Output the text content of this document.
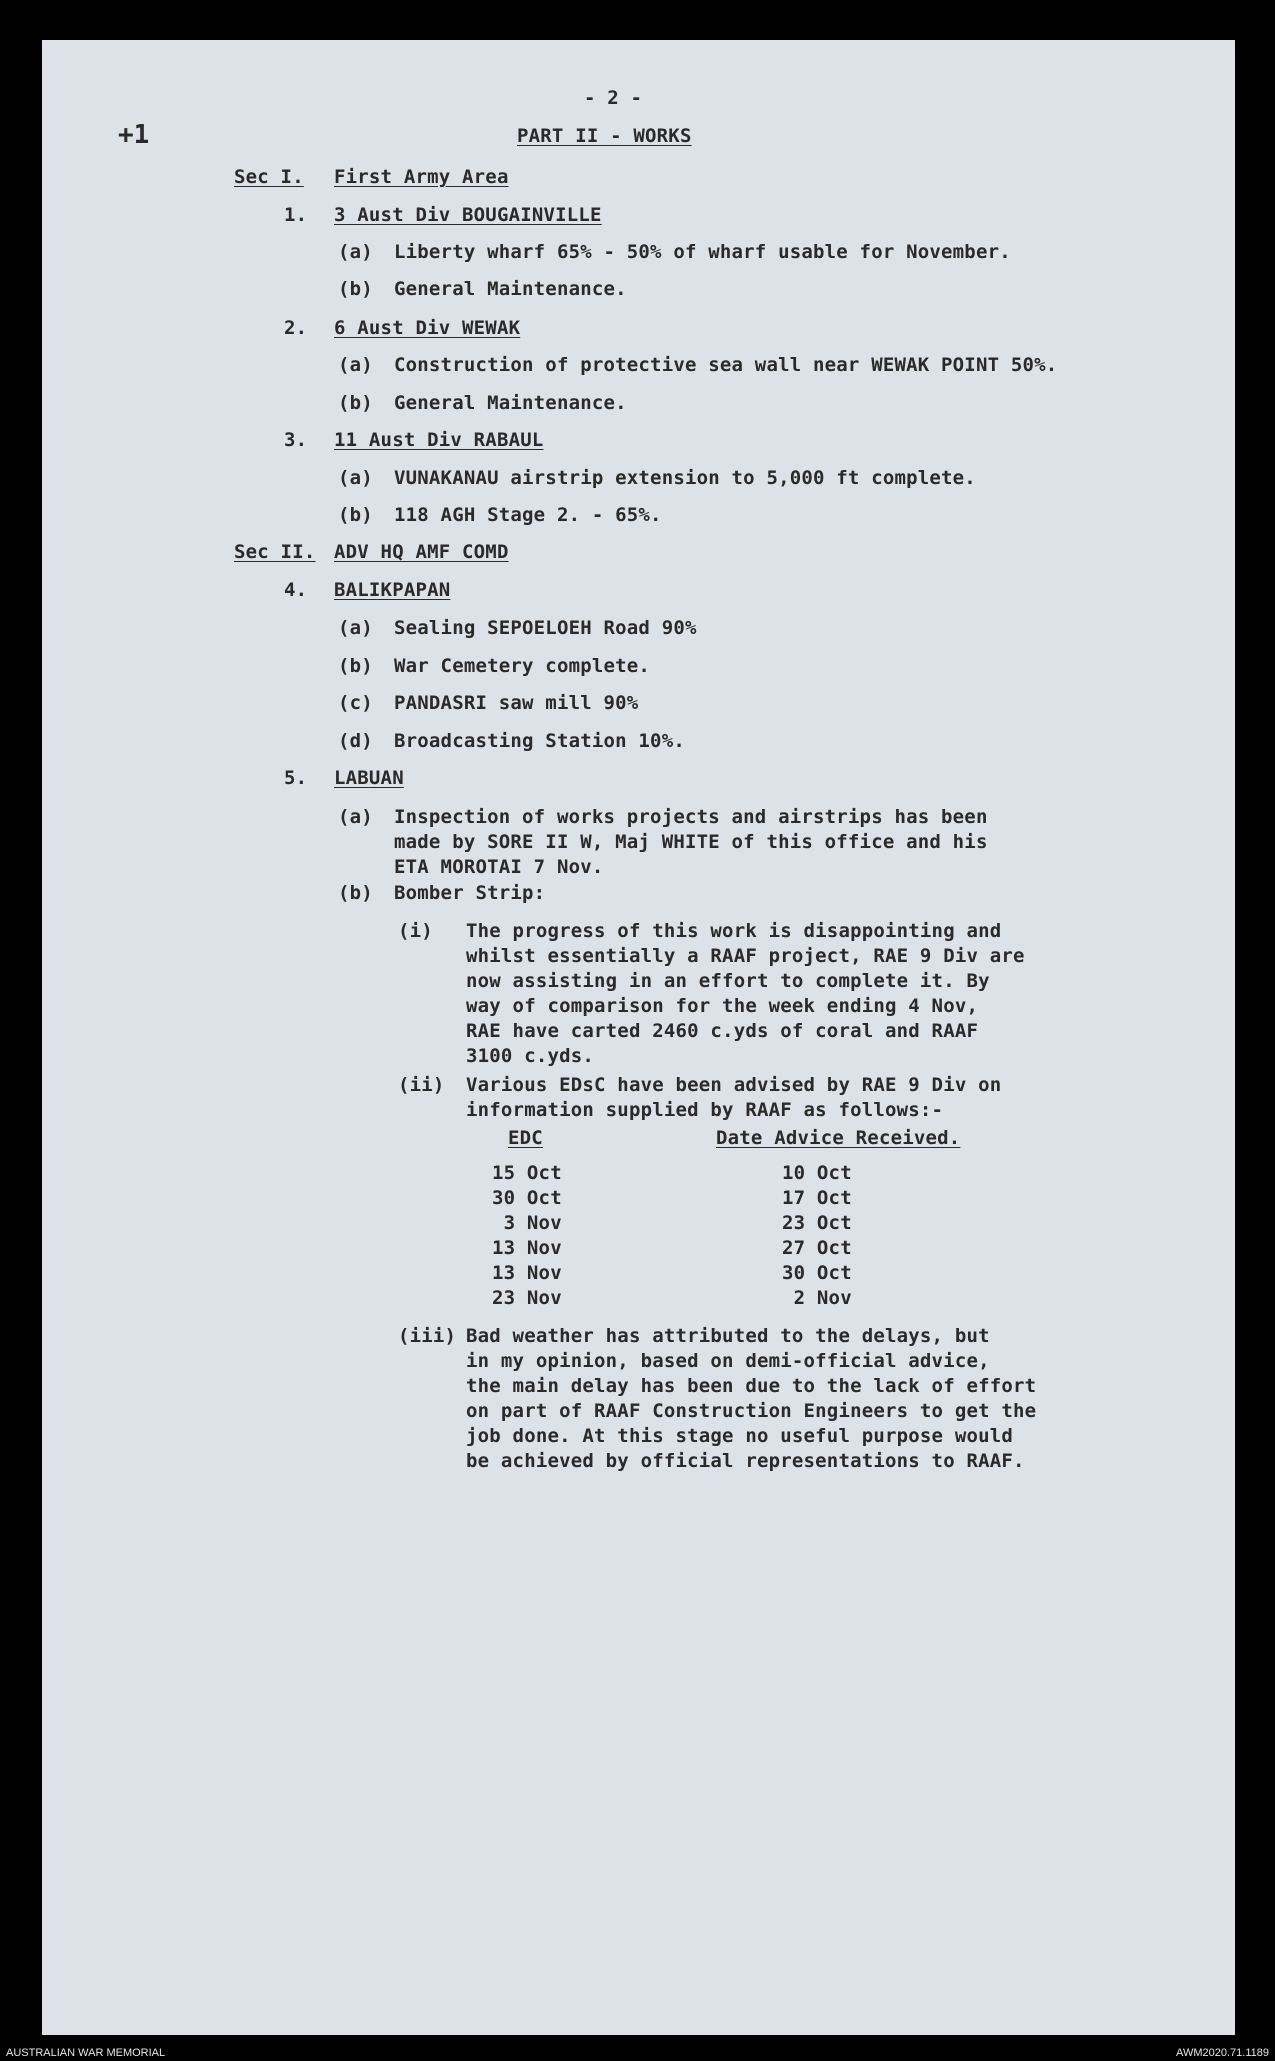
- 2 -
PART II - WORKS
+1
Sec I. First Army Area
1. 3 Aust Div BOUGAINVILLE
(a) Liberty wharf 65% - 50% of wharf usable for November.
(b) General Maintenance.
2. 6 Aust Div WEWAK
(a) Construction of protective sea wall near WEWAK POINT 50%.
(b) General Maintenance.
3. 11 Aust Div RABAUL
(a) VUNAKANAU airstrip extension to 5,000 ft complete.
(b) 118 AGH Stage 2. - 65%.
Sec II. ADV HQ AMF COMD
4. BALIKPAPAN
(a) Sealing SEPOELOEH Road 90%
(b) War Cemetery complete.
(c) PANDASRI saw mill 90%
(d) Broadcasting Station 10%.
5. LABUAN
(a) Inspection of works projects and airstrips has been
made by SORE II W, Maj WHITE of this office and his
ETA MOROTAI 7 Nov.
(b) Bomber Strip:
(i) The progress of this work is disappointing and
whilst essentially a RAAF project, RAE 9 Div are
now assisting in an effort to complete it. By
way of comparison for the week ending 4 Nov,
RAE have carted 2460 c.yds of coral and RAAF
3100 c.yds.
(ii) Various EDsC have been advised by RAE 9 Div on
information supplied by RAAF as follows:-
EDC	Date Advice Received.
15 Oct	10 Oct
30 Oct	17 Oct
3 Nov	23 Oct
13 Nov	27 Oct
13 Nov	30 Oct
23 Nov	2 Nov
(iii) Bad weather has attributed to the delays, but
in my opinion, based on demi-official advice,
the main delay has been due to the lack of effort
on part of RAAF Construction Engineers to get the
job done. At this stage no useful purpose would
be achieved by official representations to RAAF.
AUSTRALIAN WAR MEMORIAL	AWM2020.71.1189
